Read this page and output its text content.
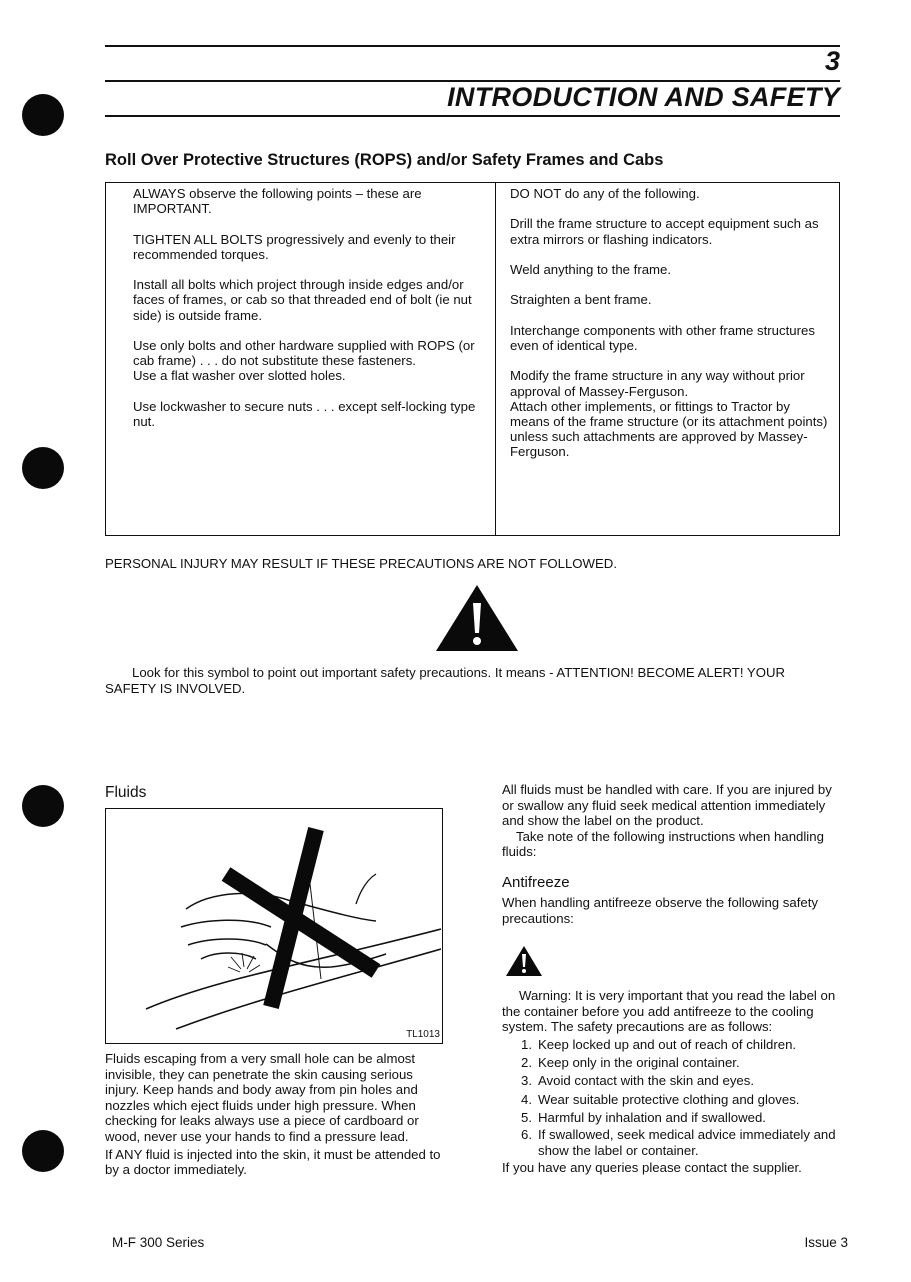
3
INTRODUCTION AND SAFETY
Roll Over Protective Structures (ROPS) and/or Safety Frames and Cabs

ALWAYS observe the following points – these are IMPORTANT.

TIGHTEN ALL BOLTS progressively and evenly to their recommended torques.

Install all bolts which project through inside edges and/or faces of frames, or cab so that threaded end of bolt (ie nut side) is outside frame.

Use only bolts and other hardware supplied with ROPS (or cab frame) . . . do not substitute these fasteners.

Use a flat washer over slotted holes.

Use lockwasher to secure nuts . . . except self-locking type nut.

DO NOT do any of the following.

Drill the frame structure to accept equipment such as extra mirrors or flashing indicators.

Weld anything to the frame.

Straighten a bent frame.

Interchange components with other frame structures even of identical type.

Modify the frame structure in any way without prior approval of Massey-Ferguson.

Attach other implements, or fittings to Tractor by means of the frame structure (or its attachment points) unless such attachments are approved by Massey-Ferguson.

PERSONAL INJURY MAY RESULT IF THESE PRECAUTIONS ARE NOT FOLLOWED.
Look for this symbol to point out important safety precautions. It means - ATTENTION! BECOME ALERT! YOUR SAFETY IS INVOLVED.
Fluids
TL1013

Fluids escaping from a very small hole can be almost invisible, they can penetrate the skin causing serious injury. Keep hands and body away from pin holes and nozzles which eject fluids under high pressure. When checking for leaks always use a piece of cardboard or wood, never use your hands to find a pressure lead.

If ANY fluid is injected into the skin, it must be attended to by a doctor immediately.

All fluids must be handled with care. If you are injured by or swallow any fluid seek medical attention immediately and show the label on the product.

Take note of the following instructions when handling fluids:

Antifreeze
When handling antifreeze observe the following safety precautions:
Warning: It is very important that you read the label on the container before you add antifreeze to the cooling system. The safety precautions are as follows:
1. Keep locked up and out of reach of children.
2. Keep only in the original container.
3. Avoid contact with the skin and eyes.
4. Wear suitable protective clothing and gloves.
5. Harmful by inhalation and if swallowed.
6. If swallowed, seek medical advice immediately and show the label or container.
If you have any queries please contact the supplier.
M-F 300 Series	Issue 3
